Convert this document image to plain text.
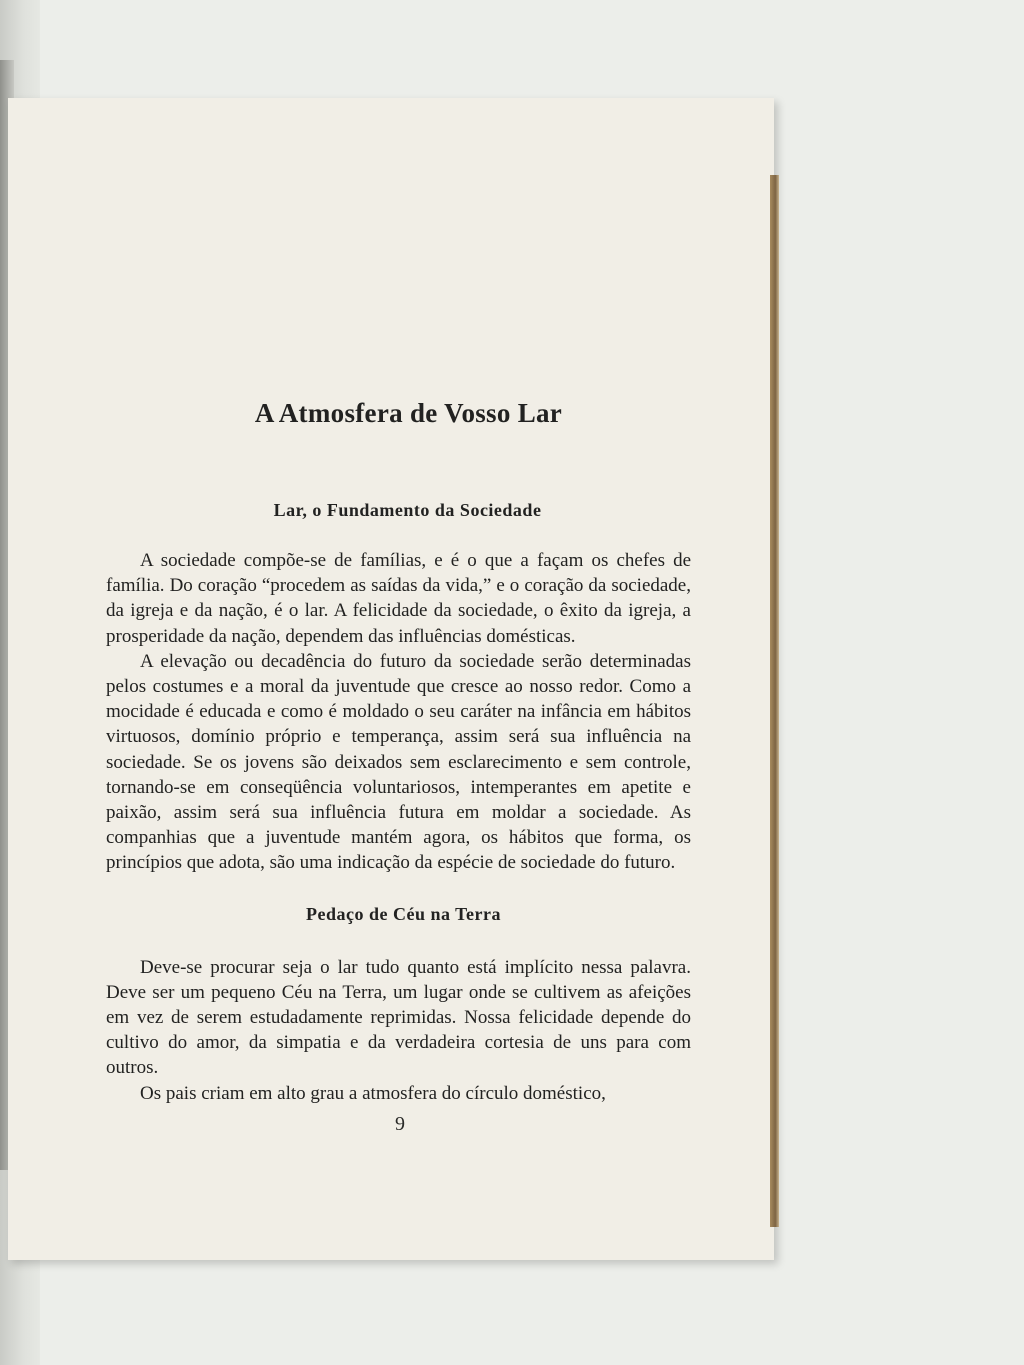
A Atmosfera de Vosso Lar
Lar, o Fundamento da Sociedade

A sociedade compõe-se de famílias, e é o que a façam os chefes de família. Do coração “procedem as saídas da vida,” e o coração da sociedade, da igreja e da nação, é o lar. A felicidade da sociedade, o êxito da igreja, a prosperidade da nação, dependem das influências domésticas.

A elevação ou decadência do futuro da sociedade serão determinadas pelos costumes e a moral da juventude que cresce ao nosso redor. Como a mocidade é educada e como é moldado o seu caráter na infância em hábitos virtuosos, domínio próprio e temperança, assim será sua influência na sociedade. Se os jovens são deixados sem esclarecimento e sem controle, tornando-se em conseqüência voluntariosos, intemperantes em apetite e paixão, assim será sua influência futura em moldar a sociedade. As companhias que a juventude mantém agora, os hábitos que forma, os princípios que adota, são uma indicação da espécie de sociedade do futuro.

Pedaço de Céu na Terra

Deve-se procurar seja o lar tudo quanto está implícito nessa palavra. Deve ser um pequeno Céu na Terra, um lugar onde se cultivem as afeições em vez de serem estudadamente reprimidas. Nossa felicidade depende do cultivo do amor, da simpatia e da verdadeira cortesia de uns para com outros.

Os pais criam em alto grau a atmosfera do círculo doméstico,

9
